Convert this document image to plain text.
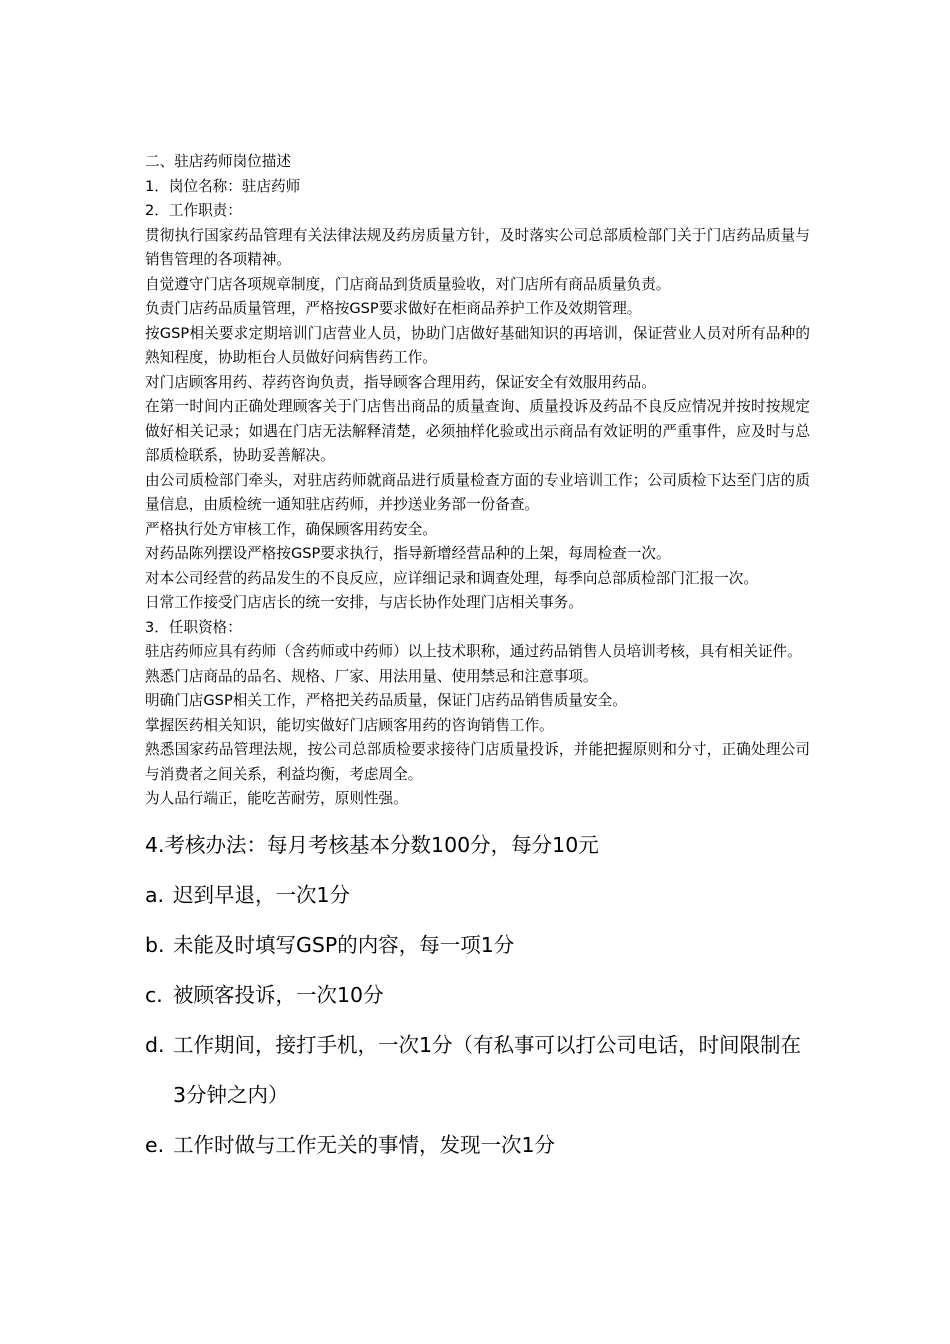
二、驻店药师岗位描述

1．岗位名称：驻店药师

2．工作职责：

贯彻执行国家药品管理有关法律法规及药房质量方针，及时落实公司总部质检部门关于门店药品质量与销售管理的各项精神。

自觉遵守门店各项规章制度，门店商品到货质量验收，对门店所有商品质量负责。

负责门店药品质量管理，严格按GSP要求做好在柜商品养护工作及效期管理。

按GSP相关要求定期培训门店营业人员，协助门店做好基础知识的再培训，保证营业人员对所有品种的熟知程度，协助柜台人员做好问病售药工作。

对门店顾客用药、荐药咨询负责，指导顾客合理用药，保证安全有效服用药品。

在第一时间内正确处理顾客关于门店售出商品的质量查询、质量投诉及药品不良反应情况并按时按规定做好相关记录；如遇在门店无法解释清楚，必须抽样化验或出示商品有效证明的严重事件，应及时与总部质检联系，协助妥善解决。

由公司质检部门牵头，对驻店药师就商品进行质量检查方面的专业培训工作；公司质检下达至门店的质量信息，由质检统一通知驻店药师，并抄送业务部一份备查。

严格执行处方审核工作，确保顾客用药安全。

对药品陈列摆设严格按GSP要求执行，指导新增经营品种的上架，每周检查一次。

对本公司经营的药品发生的不良反应，应详细记录和调查处理，每季向总部质检部门汇报一次。

日常工作接受门店店长的统一安排，与店长协作处理门店相关事务。

3．任职资格：

驻店药师应具有药师（含药师或中药师）以上技术职称，通过药品销售人员培训考核，具有相关证件。

熟悉门店商品的品名、规格、厂家、用法用量、使用禁忌和注意事项。

明确门店GSP相关工作，严格把关药品质量，保证门店药品销售质量安全。

掌握医药相关知识，能切实做好门店顾客用药的咨询销售工作。

熟悉国家药品管理法规，按公司总部质检要求接待门店质量投诉，并能把握原则和分寸，正确处理公司与消费者之间关系，利益均衡，考虑周全。

为人品行端正，能吃苦耐劳，原则性强。

4.考核办法：每月考核基本分数100分，每分10元

a. 迟到早退，一次1分
b. 未能及时填写GSP的内容，每一项1分
c. 被顾客投诉，一次10分
d. 工作期间，接打手机，一次1分（有私事可以打公司电话，时间限制在3分钟之内）
e. 工作时做与工作无关的事情，发现一次1分
